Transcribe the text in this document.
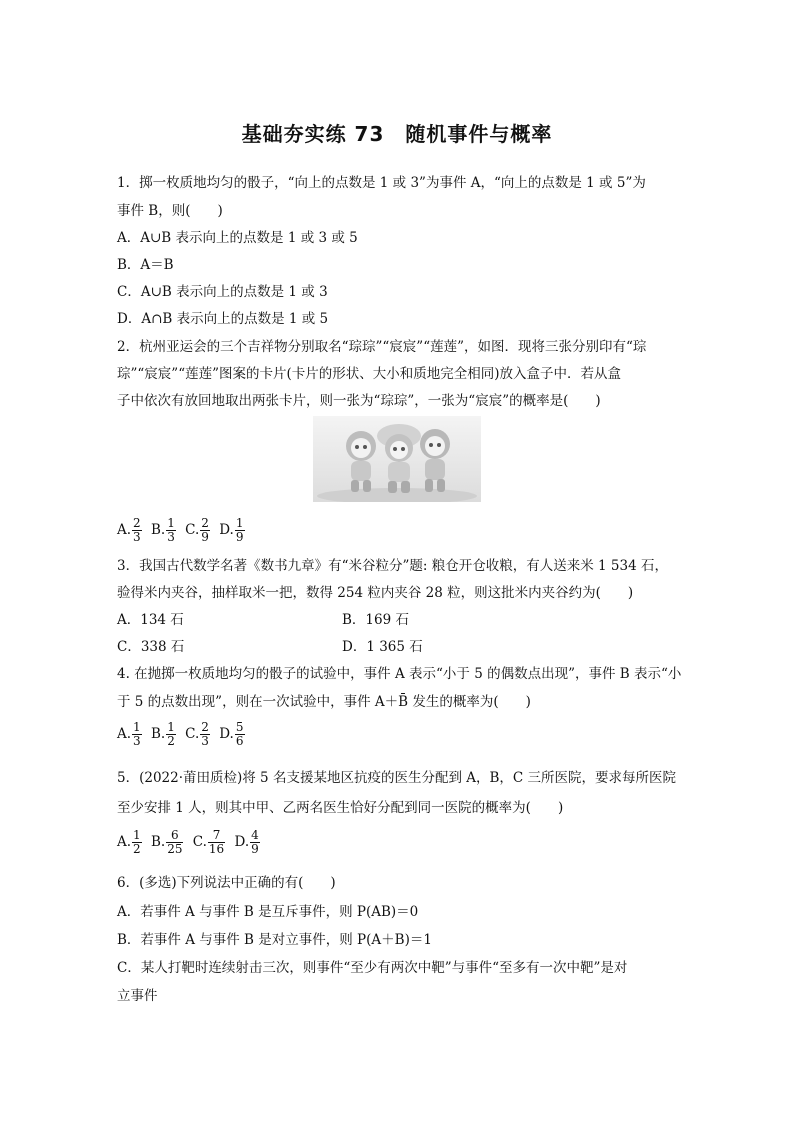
基础夯实练 73　随机事件与概率
1．掷一枚质地均匀的骰子，“向上的点数是 1 或 3”为事件 A，“向上的点数是 1 或 5”为
事件 B，则(　　)
A．A∪B 表示向上的点数是 1 或 3 或 5
B．A＝B
C．A∪B 表示向上的点数是 1 或 3
D．A∩B 表示向上的点数是 1 或 5
2．杭州亚运会的三个吉祥物分别取名“琮琮”“宸宸”“莲莲”，如图．现将三张分别印有“琮
琮”“宸宸”“莲莲”图案的卡片(卡片的形状、大小和质地完全相同)放入盒子中．若从盒
子中依次有放回地取出两张卡片，则一张为“琮琮”，一张为“宸宸”的概率是(　　)
A. $\frac{2}{3} B$. $\frac{1}{3} C$. $\frac{2}{9} D$. $\frac{1}{9}$
3．我国古代数学名著《数书九章》有“米谷粒分”题: 粮仓开仓收粮，有人送来米 1 534 石，
验得米内夹谷，抽样取米一把，数得 254 粒内夹谷 28 粒，则这批米内夹谷约为(　　)
A．134 石	B．169 石
C．338 石	D．1 365 石
4. 在抛掷一枚质地均匀的骰子的试验中，事件 A 表示“小于 5 的偶数点出现”，事件 B 表示“小
于 5 的点数出现”，则在一次试验中，事件 A＋B̄ 发生的概率为(　　)
A. $\frac{1}{3} B$. $\frac{1}{2} C$. $\frac{2}{3} D$. $\frac{5}{6}$
5．(2022·莆田质检)将 5 名支援某地区抗疫的医生分配到 A，B，C 三所医院，要求每所医院
至少安排 1 人，则其中甲、乙两名医生恰好分配到同一医院的概率为(　　)
A. $\frac{1}{2} B$. $\frac{6}{25} C$. $\frac{7}{16} D$. $\frac{4}{9}$
6．(多选)下列说法中正确的有(　　)
A．若事件 A 与事件 B 是互斥事件，则 P(AB)＝0
B．若事件 A 与事件 B 是对立事件，则 P(A＋B)＝1
C．某人打靶时连续射击三次，则事件“至少有两次中靶”与事件“至多有一次中靶”是对
立事件
